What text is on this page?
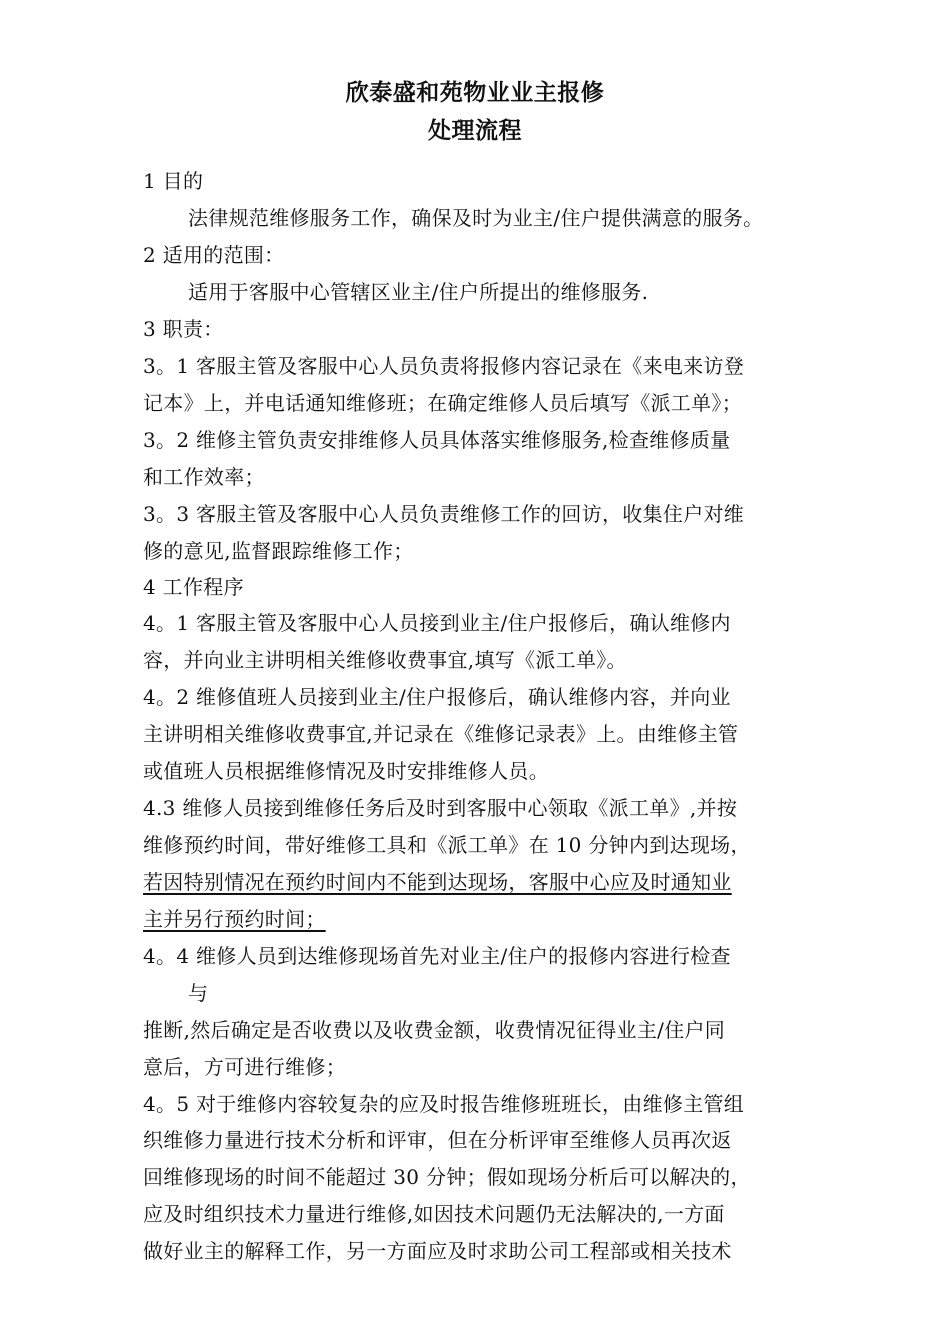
欣泰盛和苑物业业主报修
处理流程
1 目的
法律规范维修服务工作，确保及时为业主/住户提供满意的服务。
2 适用的范围：
适用于客服中心管辖区业主/住户所提出的维修服务.
3 职责：
3。1 客服主管及客服中心人员负责将报修内容记录在《来电来访登
记本》上，并电话通知维修班；在确定维修人员后填写《派工单》；
3。2 维修主管负责安排维修人员具体落实维修服务,检查维修质量
和工作效率；
3。3 客服主管及客服中心人员负责维修工作的回访，收集住户对维
修的意见,监督跟踪维修工作；
4 工作程序
4。1 客服主管及客服中心人员接到业主/住户报修后，确认维修内
容，并向业主讲明相关维修收费事宜,填写《派工单》。
4。2 维修值班人员接到业主/住户报修后，确认维修内容，并向业
主讲明相关维修收费事宜,并记录在《维修记录表》上。由维修主管
或值班人员根据维修情况及时安排维修人员。
4.3 维修人员接到维修任务后及时到客服中心领取《派工单》,并按
维修预约时间，带好维修工具和《派工单》在 10 分钟内到达现场，
若因特别情况在预约时间内不能到达现场，客服中心应及时通知业
主并另行预约时间；
4。4 维修人员到达维修现场首先对业主/住户的报修内容进行检查
与
推断,然后确定是否收费以及收费金额，收费情况征得业主/住户同
意后，方可进行维修；
4。5 对于维修内容较复杂的应及时报告维修班班长，由维修主管组
织维修力量进行技术分析和评审，但在分析评审至维修人员再次返
回维修现场的时间不能超过 30 分钟；假如现场分析后可以解决的，
应及时组织技术力量进行维修,如因技术问题仍无法解决的,一方面
做好业主的解释工作，另一方面应及时求助公司工程部或相关技术
